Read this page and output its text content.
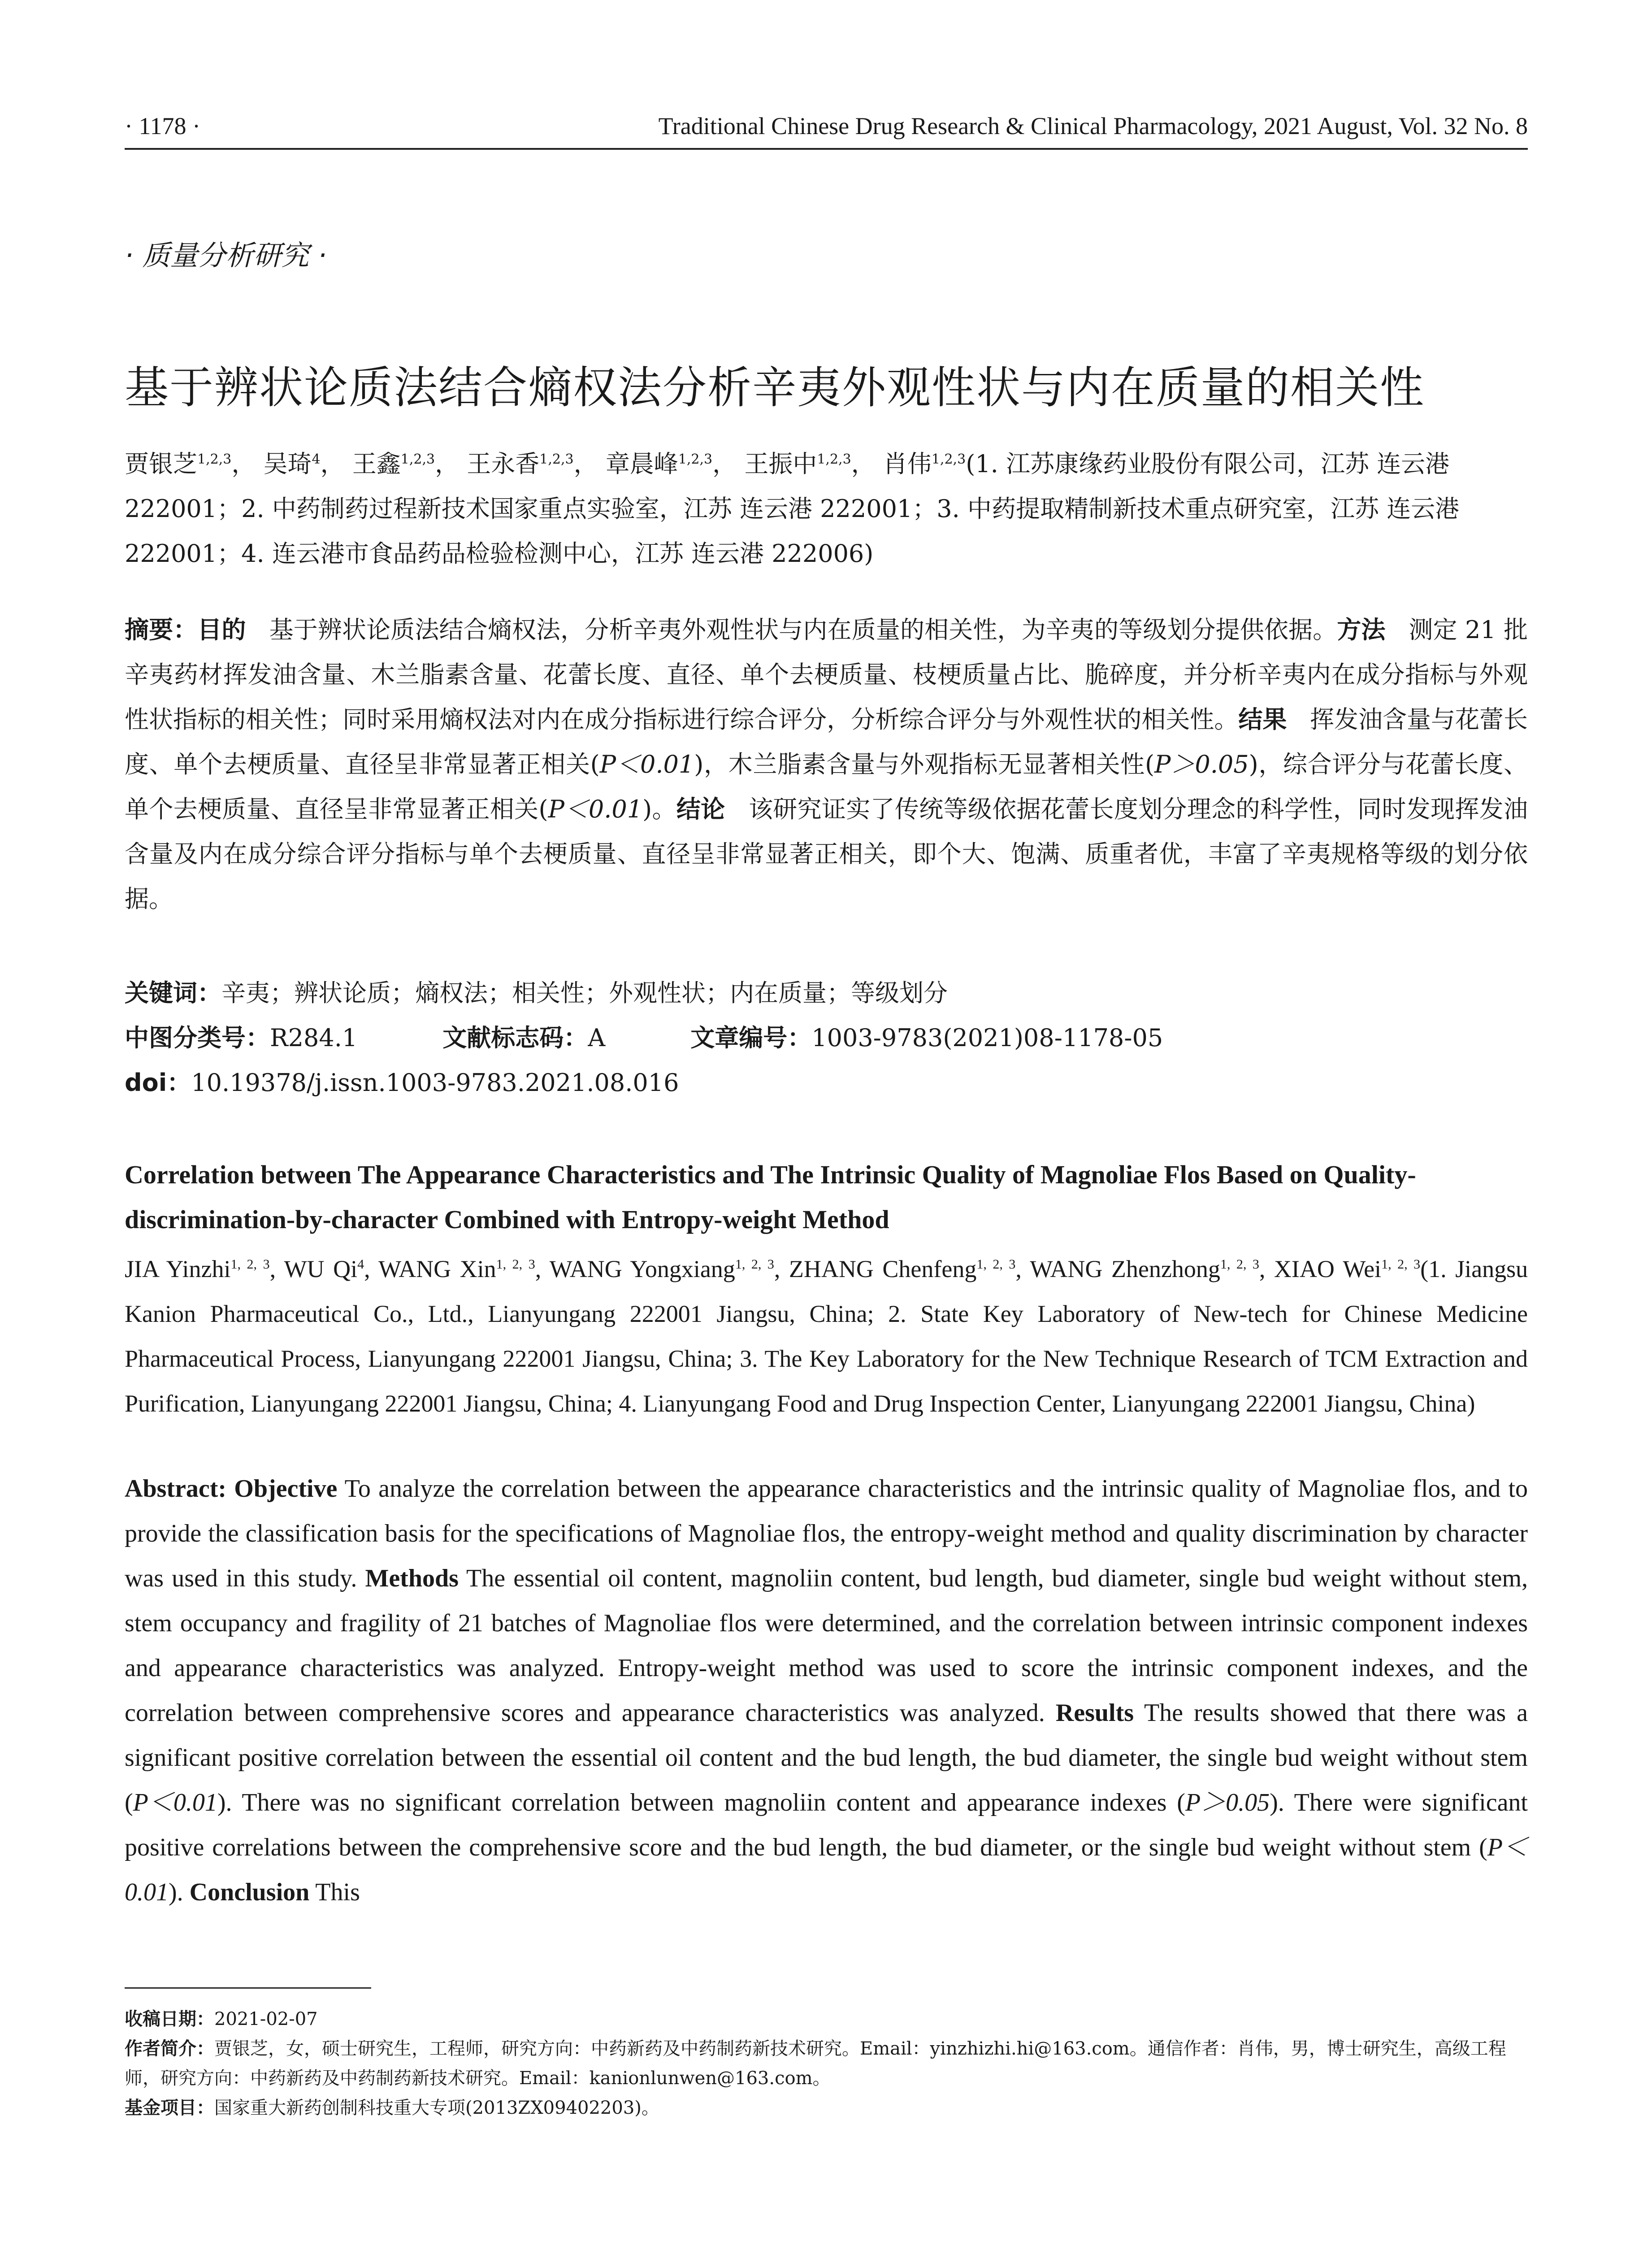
· 1178 ·	Traditional Chinese Drug Research & Clinical Pharmacology, 2021 August, Vol. 32 No. 8
· 质量分析研究 ·
基于辨状论质法结合熵权法分析辛夷外观性状与内在质量的相关性
贾银芝$^{1,2,3}$， 吴琦$^4$， 王鑫$^{1,2,3}$， 王永香$^{1,2,3}$， 章晨峰$^{1,2,3}$， 王振中$^{1,2,3}$， 肖伟$^{1,2,3}$(1. 江苏康缘药业股份有限公司，江苏 连云港 222001；2. 中药制药过程新技术国家重点实验室，江苏 连云港 222001；3. 中药提取精制新技术重点研究室，江苏 连云港 222001；4. 连云港市食品药品检验检测中心，江苏 连云港 222006)
摘要：目的 基于辨状论质法结合熵权法，分析辛夷外观性状与内在质量的相关性，为辛夷的等级划分提供依据。方法 测定 21 批辛夷药材挥发油含量、木兰脂素含量、花蕾长度、直径、单个去梗质量、枝梗质量占比、脆碎度，并分析辛夷内在成分指标与外观性状指标的相关性；同时采用熵权法对内在成分指标进行综合评分，分析综合评分与外观性状的相关性。结果 挥发油含量与花蕾长度、单个去梗质量、直径呈非常显著正相关(P＜0.01)，木兰脂素含量与外观指标无显著相关性(P＞0.05)，综合评分与花蕾长度、单个去梗质量、直径呈非常显著正相关(P＜0.01)。结论 该研究证实了传统等级依据花蕾长度划分理念的科学性，同时发现挥发油含量及内在成分综合评分指标与单个去梗质量、直径呈非常显著正相关，即个大、饱满、质重者优，丰富了辛夷规格等级的划分依据。
关键词：辛夷；辨状论质；熵权法；相关性；外观性状；内在质量；等级划分
中图分类号：R284.1	文献标志码：A	文章编号：1003-9783(2021)08-1178-05
doi：10.19378/j.issn.1003-9783.2021.08.016
Correlation between The Appearance Characteristics and The Intrinsic Quality of Magnoliae Flos Based on Quality-discrimination-by-character Combined with Entropy-weight Method
JIA Yinzhi$^{1, 2, 3}$, WU Qi$^4$, WANG Xin$^{1, 2, 3}$, WANG Yongxiang$^{1, 2, 3}$, ZHANG Chenfeng$^{1, 2, 3}$, WANG Zhenzhong$^{1, 2, 3}$, XIAO Wei$^{1, 2, 3}$(1. Jiangsu Kanion Pharmaceutical Co., Ltd., Lianyungang 222001 Jiangsu, China; 2. State Key Laboratory of New-tech for Chinese Medicine Pharmaceutical Process, Lianyungang 222001 Jiangsu, China; 3. The Key Laboratory for the New Technique Research of TCM Extraction and Purification, Lianyungang 222001 Jiangsu, China; 4. Lianyungang Food and Drug Inspection Center, Lianyungang 222001 Jiangsu, China)
Abstract: Objective To analyze the correlation between the appearance characteristics and the intrinsic quality of Magnoliae flos, and to provide the classification basis for the specifications of Magnoliae flos, the entropy-weight method and quality discrimination by character was used in this study. Methods The essential oil content, magnoliin content, bud length, bud diameter, single bud weight without stem, stem occupancy and fragility of 21 batches of Magnoliae flos were determined, and the correlation between intrinsic component indexes and appearance characteristics was analyzed. Entropy-weight method was used to score the intrinsic component indexes, and the correlation between comprehensive scores and appearance characteristics was analyzed. Results The results showed that there was a significant positive correlation between the essential oil content and the bud length, the bud diameter, the single bud weight without stem (P＜0.01). There was no significant correlation between magnoliin content and appearance indexes (P＞0.05). There were significant positive correlations between the comprehensive score and the bud length, the bud diameter, or the single bud weight without stem (P＜0.01). Conclusion This
收稿日期：2021-02-07
作者简介：贾银芝，女，硕士研究生，工程师，研究方向：中药新药及中药制药新技术研究。Email：yinzhizhi.hi@163.com。通信作者：肖伟，男，博士研究生，高级工程师，研究方向：中药新药及中药制药新技术研究。Email：kanionlunwen@163.com。
基金项目：国家重大新药创制科技重大专项(2013ZX09402203)。
